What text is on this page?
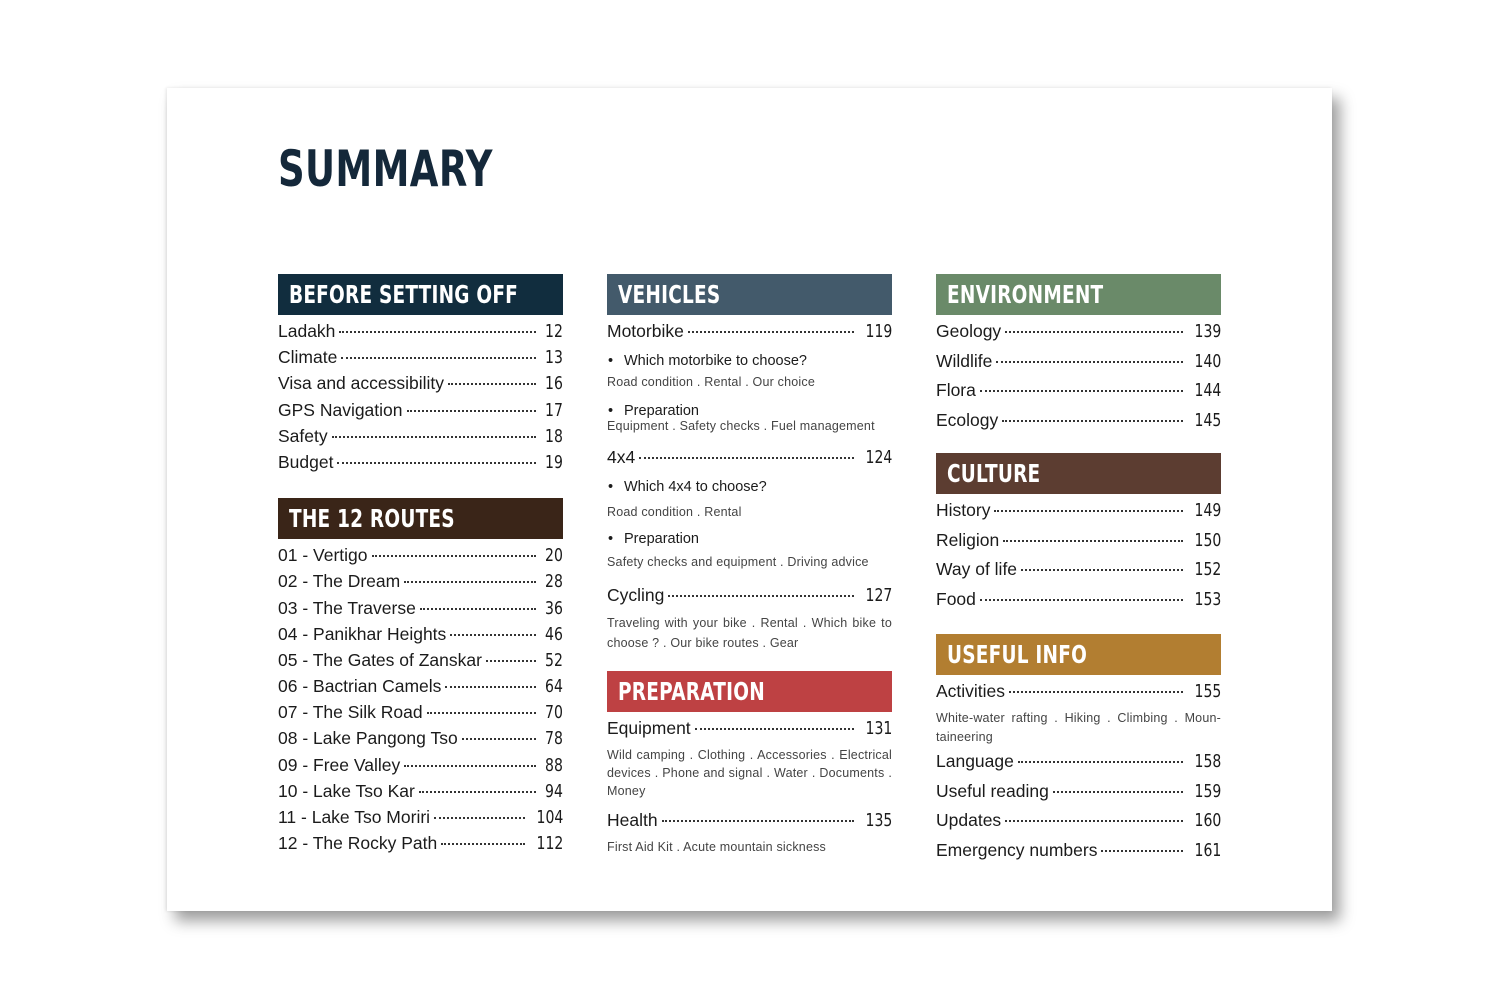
SUMMARY
BEFORE SETTING OFF
Ladakh	12
Climate	13
Visa and accessibility	16
GPS Navigation	17
Safety	18
Budget	19
THE 12 ROUTES
01 - Vertigo	20
02 - The Dream	28
03 - The Traverse	36
04 - Panikhar Heights	46
05 - The Gates of Zanskar	52
06 - Bactrian Camels	64
07 - The Silk Road	70
08 - Lake Pangong Tso	78
09 - Free Valley	88
10 - Lake Tso Kar	94
11 - Lake Tso Moriri	104
12 - The Rocky Path	112
VEHICLES
Motorbike	119
• Which motorbike to choose?
Road condition . Rental . Our choice
• Preparation
Equipment . Safety checks . Fuel management
4x4	124
• Which 4x4 to choose?
Road condition . Rental
• Preparation
Safety checks and equipment . Driving advice
Cycling	127
Traveling with your bike . Rental . Which bike to
choose ? . Our bike routes . Gear
PREPARATION
Equipment	131
Wild camping . Clothing . Accessories . Electrical
devices . Phone and signal . Water . Documents .
Money
Health	135
First Aid Kit . Acute mountain sickness
ENVIRONMENT
Geology	139
Wildlife	140
Flora	144
Ecology	145
CULTURE
History	149
Religion	150
Way of life	152
Food	153
USEFUL INFO
Activities	155
White-water rafting . Hiking . Climbing . Moun-
taineering
Language	158
Useful reading	159
Updates	160
Emergency numbers	161
